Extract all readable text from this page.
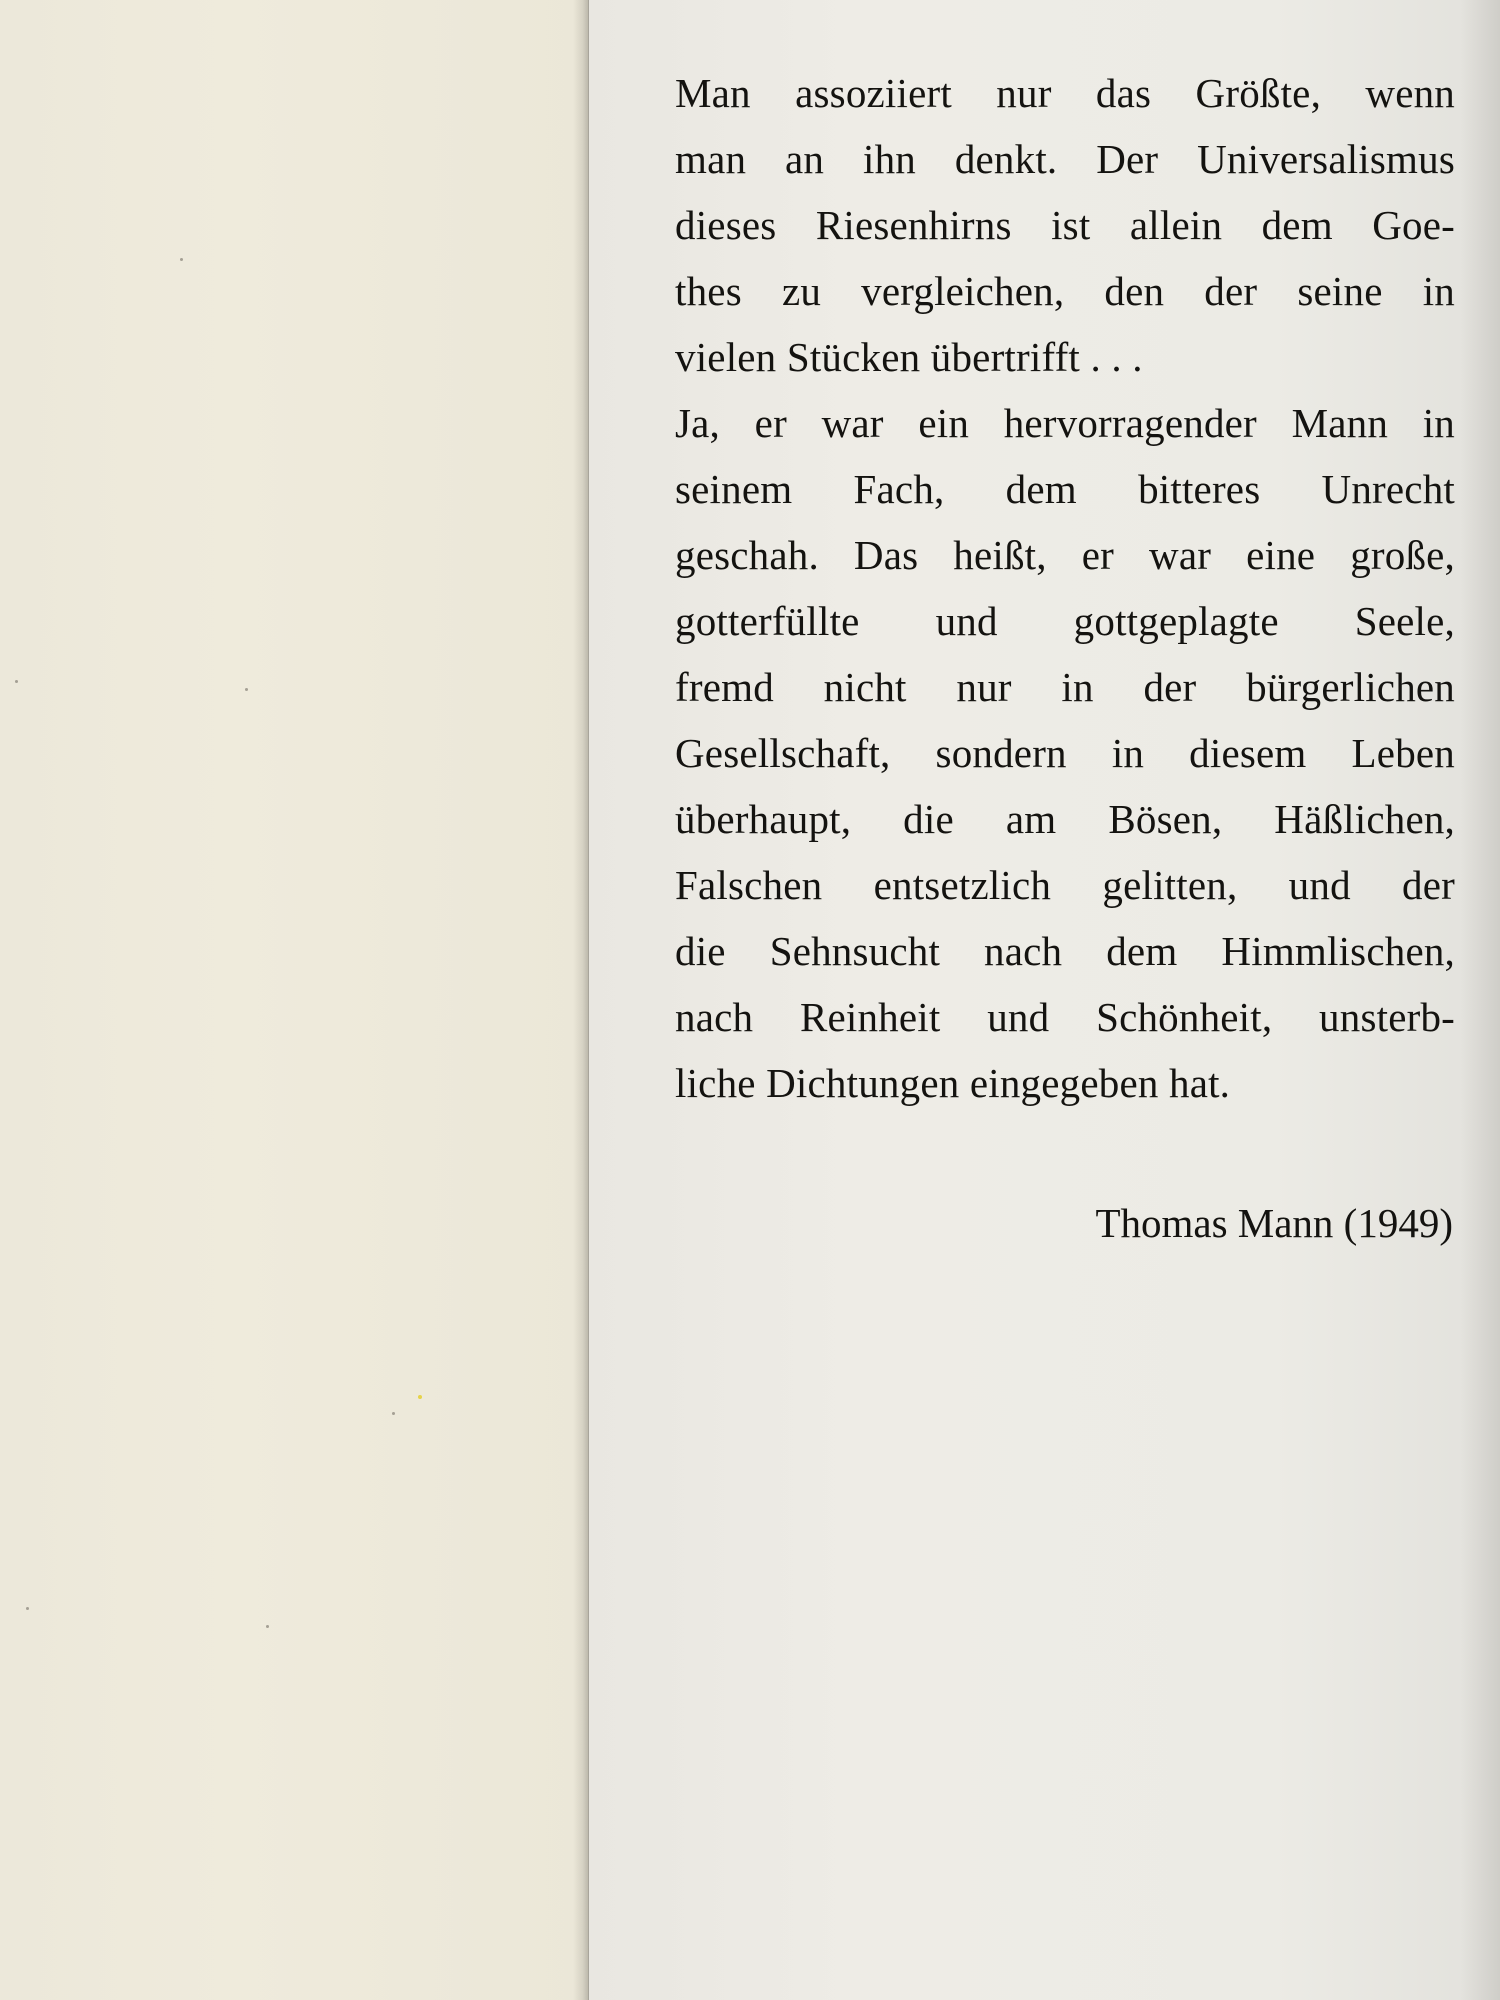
Man assoziiert nur das Größte, wenn
man an ihn denkt. Der Universalismus
dieses Riesenhirns ist allein dem Goe-
thes zu vergleichen, den der seine in
vielen Stücken übertrifft . . .
Ja, er war ein hervorragender Mann in
seinem Fach, dem bitteres Unrecht
geschah. Das heißt, er war eine große,
gotterfüllte und gottgeplagte Seele,
fremd nicht nur in der bürgerlichen
Gesellschaft, sondern in diesem Leben
überhaupt, die am Bösen, Häßlichen,
Falschen entsetzlich gelitten, und der
die Sehnsucht nach dem Himmlischen,
nach Reinheit und Schönheit, unsterb-
liche Dichtungen eingegeben hat.
Thomas Mann (1949)
